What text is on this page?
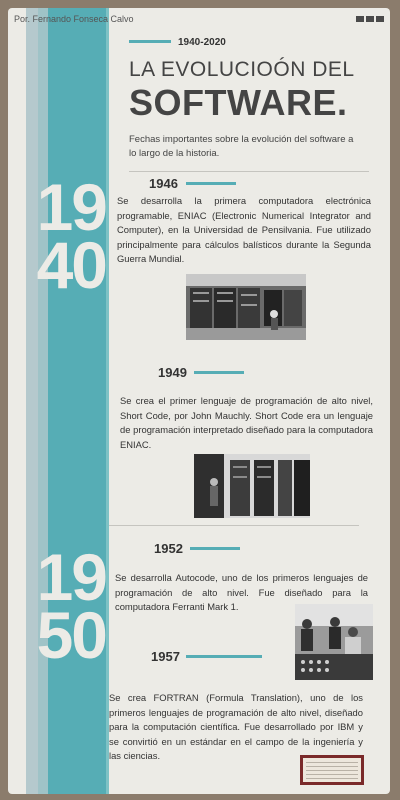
Por. Fernando Fonseca Calvo
1940-2020
LA EVOLUCIOÓN DEL
SOFTWARE.
Fechas importantes sobre la evolución del software a lo largo de la historia.
19
40
1946
Se desarrolla la primera computadora electrónica programable, ENIAC (Electronic Numerical Integrator and Computer), en la Universidad de Pensilvania. Fue utilizado principalmente para cálculos balísticos durante la Segunda Guerra Mundial.
1949
Se crea el primer lenguaje de programación de alto nivel, Short Code, por John Mauchly. Short Code era un lenguaje de programación interpretado diseñado para la computadora ENIAC.
19
50
1952
Se desarrolla Autocode, uno de los primeros lenguajes de programación de alto nivel. Fue diseñado para la computadora Ferranti Mark 1.
1957
Se crea FORTRAN (Formula Translation), uno de los primeros lenguajes de programación de alto nivel, diseñado para la computación científica. Fue desarrollado por IBM y se convirtió en un estándar en el campo de la ingeniería y las ciencias.
